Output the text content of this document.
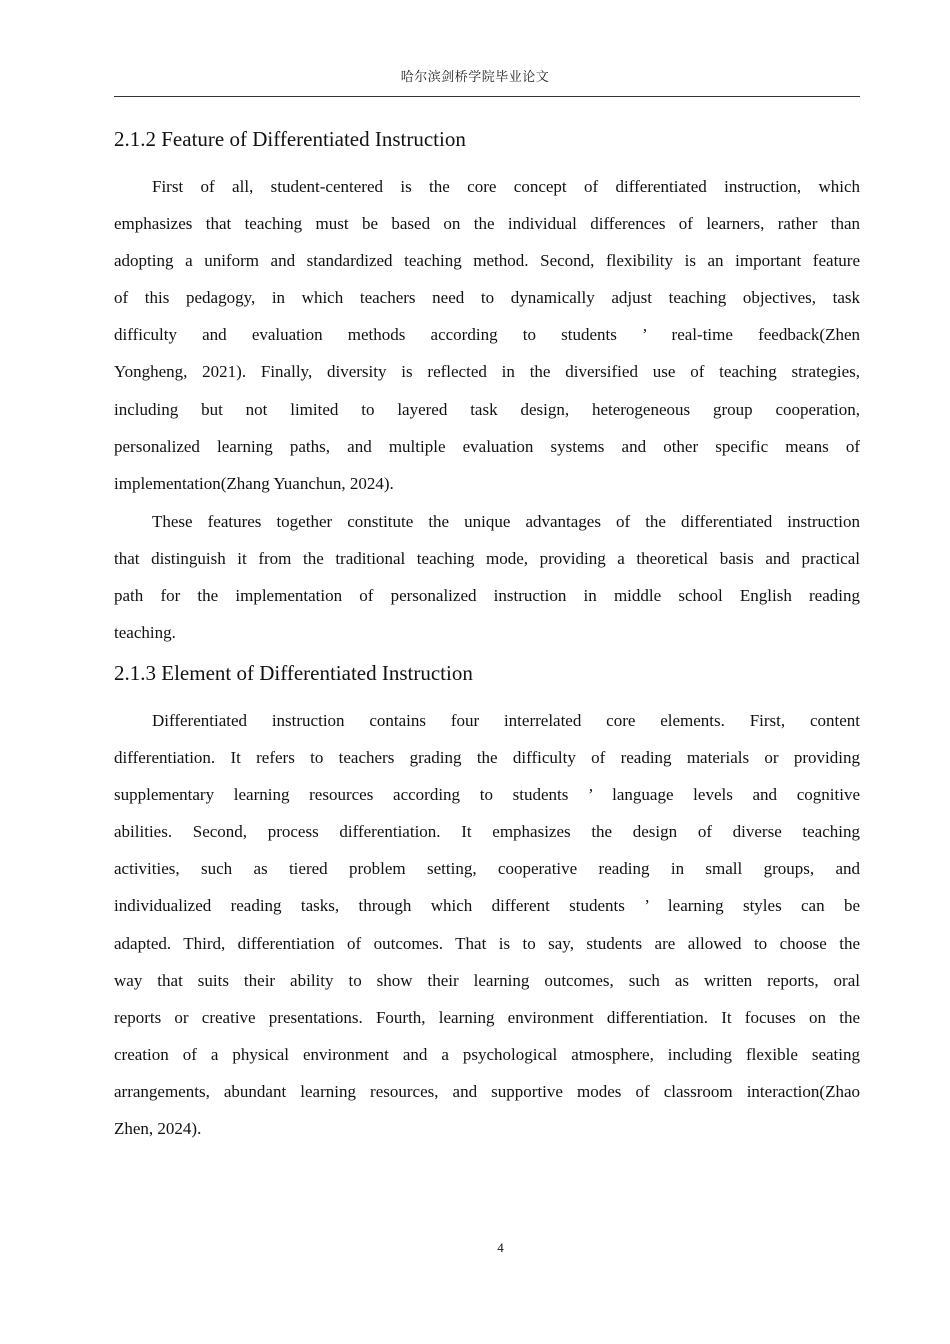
哈尔滨剑桥学院毕业论文
2.1.2 Feature of Differentiated Instruction
First of all, student-centered is the core concept of differentiated instruction, which
emphasizes that teaching must be based on the individual differences of learners, rather than
adopting a uniform and standardized teaching method. Second, flexibility is an important feature
of this pedagogy, in which teachers need to dynamically adjust teaching objectives, task
difficulty and evaluation methods according to students ’ real-time feedback(Zhen
Yongheng, 2021). Finally, diversity is reflected in the diversified use of teaching strategies,
including but not limited to layered task design, heterogeneous group cooperation,
personalized learning paths, and multiple evaluation systems and other specific means of
implementation(Zhang Yuanchun, 2024).
These features together constitute the unique advantages of the differentiated instruction
that distinguish it from the traditional teaching mode, providing a theoretical basis and practical
path for the implementation of personalized instruction in middle school English reading
teaching.
2.1.3 Element of Differentiated Instruction
Differentiated instruction contains four interrelated core elements. First, content
differentiation. It refers to teachers grading the difficulty of reading materials or providing
supplementary learning resources according to students ’ language levels and cognitive
abilities. Second, process differentiation. It emphasizes the design of diverse teaching
activities, such as tiered problem setting, cooperative reading in small groups, and
individualized reading tasks, through which different students ’ learning styles can be
adapted. Third, differentiation of outcomes. That is to say, students are allowed to choose the
way that suits their ability to show their learning outcomes, such as written reports, oral
reports or creative presentations. Fourth, learning environment differentiation. It focuses on the
creation of a physical environment and a psychological atmosphere, including flexible seating
arrangements, abundant learning resources, and supportive modes of classroom interaction(Zhao
Zhen, 2024).
4
